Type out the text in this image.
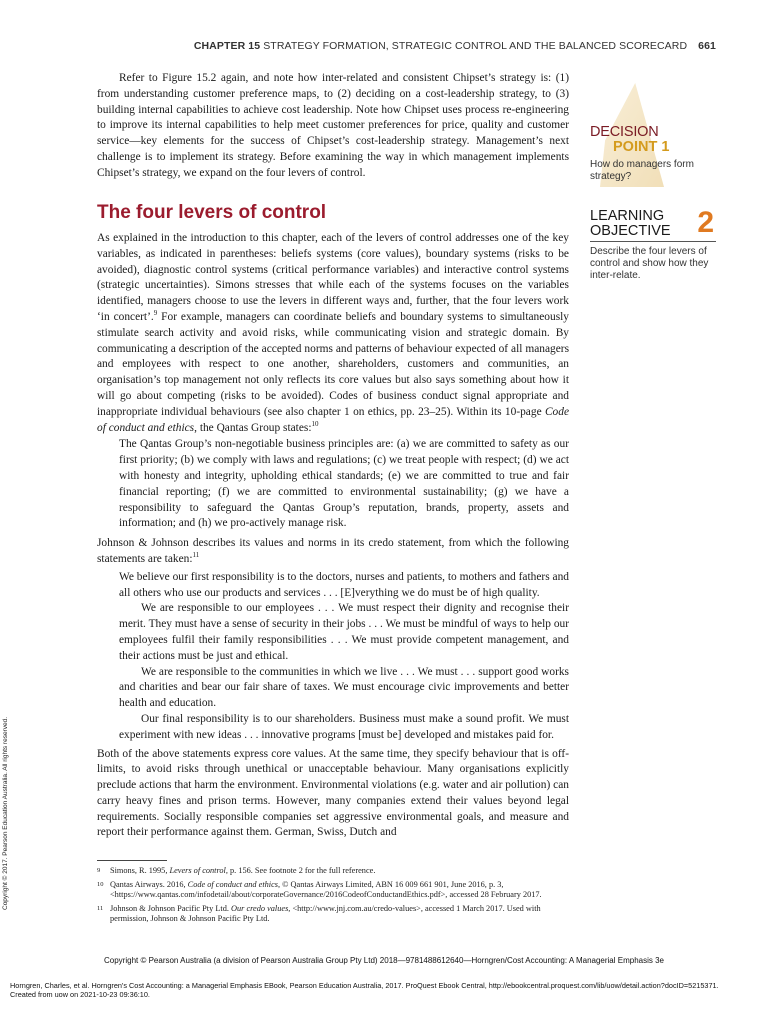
CHAPTER 15 STRATEGY FORMATION, STRATEGIC CONTROL AND THE BALANCED SCORECARD 661

Refer to Figure 15.2 again, and note how inter-related and consistent Chipset’s strategy is: (1) from understanding customer preference maps, to (2) deciding on a cost-leadership strategy, to (3) building internal capabilities to achieve cost leadership. Note how Chipset uses process re-engineering to improve its internal capabilities to help meet customer preferences for price, quality and customer service—key elements for the success of Chipset’s cost-leadership strategy. Management’s next challenge is to implement its strategy. Before examining the way in which management implements Chipset’s strategy, we expand on the four levers of control.

The four levers of control

As explained in the introduction to this chapter, each of the levers of control addresses one of the key variables, as indicated in parentheses: beliefs systems (core values), boundary systems (risks to be avoided), diagnostic control systems (critical performance variables) and interactive control systems (strategic uncertainties). Simons stresses that while each of the systems focuses on the variables identified, managers choose to use the levers in different ways and, further, that the four levers work ‘in concert’.$^9$ For example, managers can coordinate beliefs and boundary systems to simultaneously stimulate search activity and avoid risks, while communicating vision and strategic domain. By communicating a description of the accepted norms and patterns of behaviour expected of all managers and employees with respect to one another, shareholders, customers and communities, an organisation’s top management not only reflects its core values but also says something about how it will go about competing (risks to be avoided). Codes of business conduct signal appropriate and inappropriate individual behaviours (see also chapter 1 on ethics, pp. 23–25). Within its 10-page Code of conduct and ethics, the Qantas Group states:$^{10}$

The Qantas Group’s non-negotiable business principles are: (a) we are committed to safety as our first priority; (b) we comply with laws and regulations; (c) we treat people with respect; (d) we act with honesty and integrity, upholding ethical standards; (e) we are committed to true and fair financial reporting; (f) we are committed to environmental sustainability; (g) we have a responsibility to safeguard the Qantas Group’s reputation, brands, property, assets and information; and (h) we pro-actively manage risk.

Johnson & Johnson describes its values and norms in its credo statement, from which the following statements are taken:$^{11}$

We believe our first responsibility is to the doctors, nurses and patients, to mothers and fathers and all others who use our products and services . . . [E]verything we do must be of high quality.

We are responsible to our employees . . . We must respect their dignity and recognise their merit. They must have a sense of security in their jobs . . . We must be mindful of ways to help our employees fulfil their family responsibilities . . . We must provide competent management, and their actions must be just and ethical.

We are responsible to the communities in which we live . . . We must . . . support good works and charities and bear our fair share of taxes. We must encourage civic improvements and better health and education.

Our final responsibility is to our shareholders. Business must make a sound profit. We must experiment with new ideas . . . innovative programs [must be] developed and mistakes paid for.

Both of the above statements express core values. At the same time, they specify behaviour that is off-limits, to avoid risks through unethical or unacceptable behaviour. Many organisations explicitly preclude actions that harm the environment. Environmental violations (e.g. water and air pollution) can carry heavy fines and prison terms. However, many companies extend their values beyond legal requirements. Socially responsible companies set aggressive environmental goals, and measure and report their performance against them. German, Swiss, Dutch and

9	Simons, R. 1995, Levers of control, p. 156. See footnote 2 for the full reference.
10 Qantas Airways. 2016, Code of conduct and ethics, © Qantas Airways Limited, ABN 16 009 661 901, June 2016, p. 3, <https://www.qantas.com/infodetail/about/corporateGovernance/2016CodeofConductandEthics.pdf>, accessed 28 February 2017.
11 Johnson & Johnson Pacific Pty Ltd. Our credo values, <http://www.jnj.com.au/credo-values>, accessed 1 March 2017. Used with permission, Johnson & Johnson Pacific Pty Ltd.
DECISION
POINT 1
How do managers form strategy?
LEARNING
OBJECTIVE 2
Describe the four levers of control and show how they inter-relate.
Copyright © 2017. Pearson Education Australia. All rights reserved.
Copyright © Pearson Australia (a division of Pearson Australia Group Pty Ltd) 2018—9781488612640—Horngren/Cost Accounting: A Managerial Emphasis 3e
Horngren, Charles, et al. Horngren's Cost Accounting: a Managerial Emphasis EBook, Pearson Education Australia, 2017. ProQuest Ebook Central, http://ebookcentral.proquest.com/lib/uow/detail.action?docID=5215371.
Created from uow on 2021-10-23 09:36:10.
